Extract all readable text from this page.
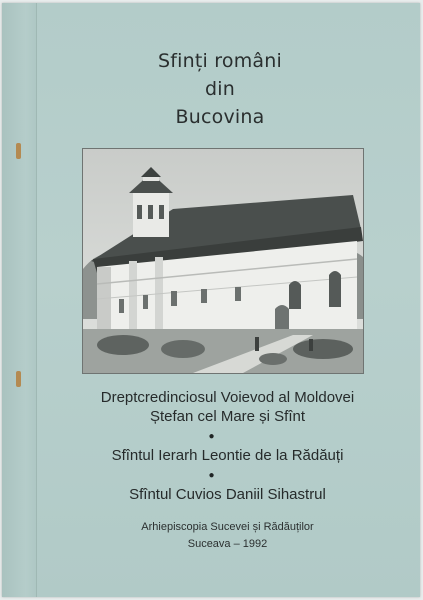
Sfinți români
din
Bucovina
Dreptcredinciosul Voievod al Moldovei
Ștefan cel Mare și Sfînt
●
Sfîntul Ierarh Leontie de la Rădăuți
●
Sfîntul Cuvios Daniil Sihastrul
Arhiepiscopia Sucevei și Rădăuților
Suceava – 1992
